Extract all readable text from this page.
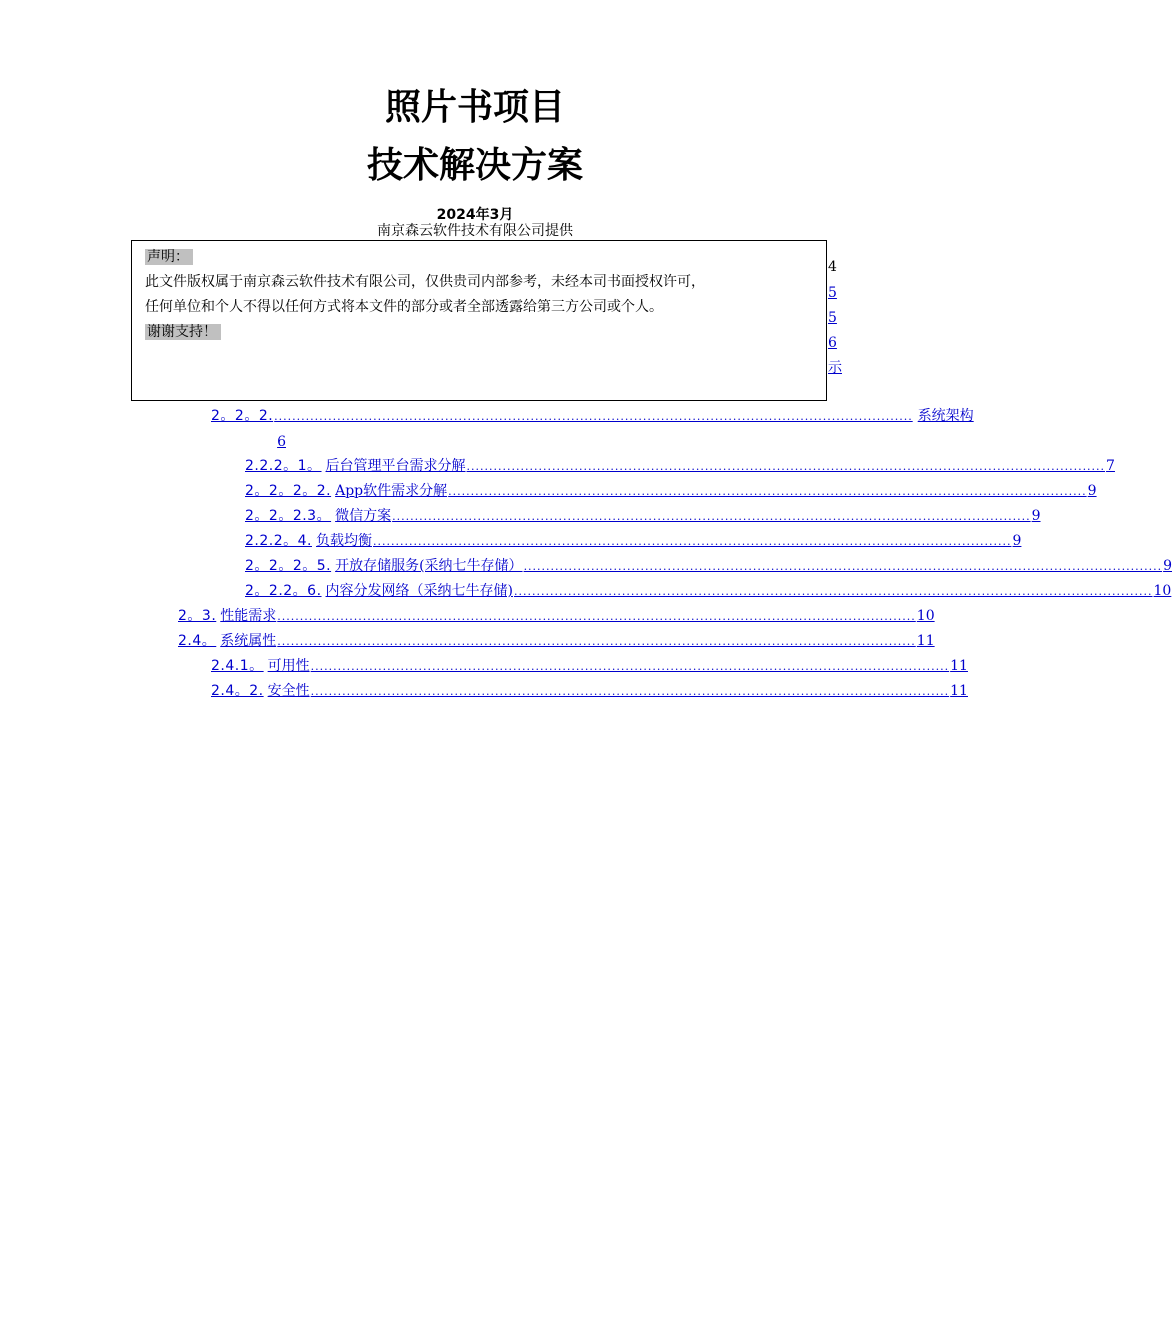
照片书项目
技术解决方案
2024年3月
南京森云软件技术有限公司提供
4
5
5
6
示
声明：
此文件版权属于南京森云软件技术有限公司，仅供贵司内部参考，未经本司书面授权许可，
任何单位和个人不得以任何方式将本文件的部分或者全部透露给第三方公司或个人。
谢谢支持！
2。2。2. .............................................................................................................................................. 系统架构
6
2.2.2。1。 后台管理平台需求分解 .............................................................................................................................................. 7
2。2。2。2. App软件需求分解 .............................................................................................................................................. 9
2。2。2.3。 微信方案 .............................................................................................................................................. 9
2.2.2。4. 负载均衡 .............................................................................................................................................. 9
2。2。2。5. 开放存储服务(采纳七牛存储） .............................................................................................................................................. 9
2。2.2。6. 内容分发网络（采纳七牛存储) .............................................................................................................................................. 10
2。3. 性能需求 .............................................................................................................................................. 10
2.4。 系统属性 .............................................................................................................................................. 11
2.4.1。 可用性 .............................................................................................................................................. 11
2.4。2. 安全性 .............................................................................................................................................. 11
